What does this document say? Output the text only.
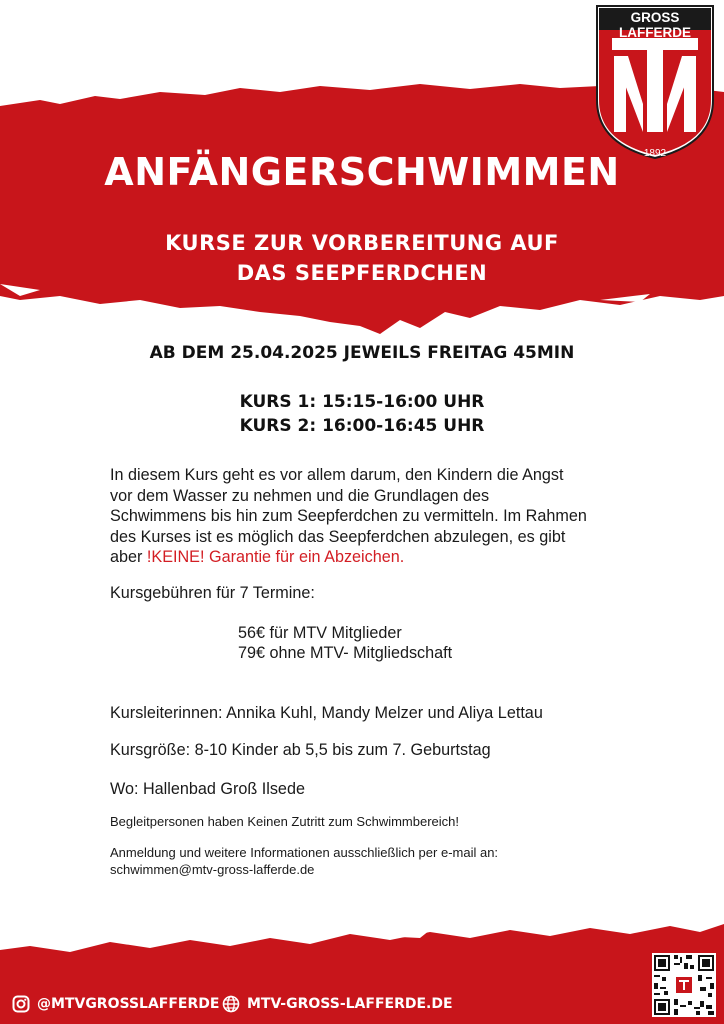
GROSS LAFFERDE
1892
ANFÄNGERSCHWIMMEN
KURSE ZUR VORBEREITUNG AUF
DAS SEEPFERDCHEN
AB DEM 25.04.2025 JEWEILS FREITAG 45MIN
KURS 1: 15:15-16:00 UHR
KURS 2: 16:00-16:45 UHR
In diesem Kurs geht es vor allem darum, den Kindern die Angst
vor dem Wasser zu nehmen und die Grundlagen des
Schwimmens bis hin zum Seepferdchen zu vermitteln. Im Rahmen
des Kurses ist es möglich das Seepferdchen abzulegen, es gibt
aber !KEINE! Garantie für ein Abzeichen.
Kursgebühren für 7 Termine:
56€ für MTV Mitglieder
79€ ohne MTV- Mitgliedschaft
Kursleiterinnen: Annika Kuhl, Mandy Melzer und Aliya Lettau
Kursgröße: 8-10 Kinder ab 5,5 bis zum 7. Geburtstag
Wo: Hallenbad Groß Ilsede
Begleitpersonen haben Keinen Zutritt zum Schwimmbereich!
Anmeldung und weitere Informationen ausschließlich per e-mail an:
schwimmen@mtv-gross-lafferde.de
@MTVGROSSLAFFERDE MTV-GROSS-LAFFERDE.DE
